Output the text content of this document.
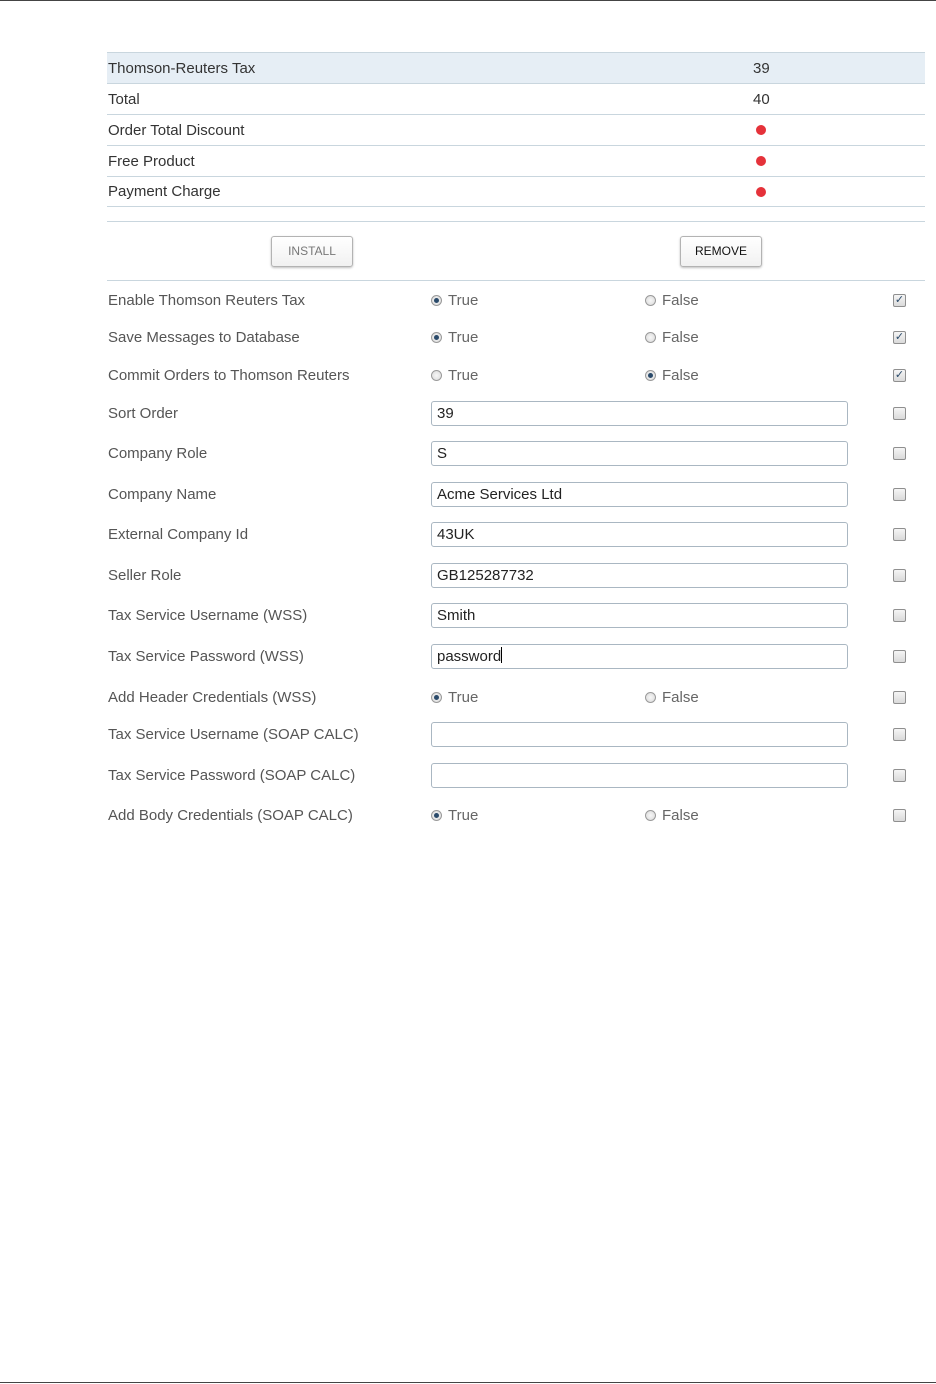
Thomson-Reuters Tax	39
Total	40
Order Total Discount
Free Product
Payment Charge
INSTALL	REMOVE
Enable Thomson Reuters Tax	True	False	✓
Save Messages to Database	True	False	✓
Commit Orders to Thomson Reuters	True	False	✓
Sort Order	39
Company Role	S
Company Name	Acme Services Ltd
External Company Id	43UK
Seller Role	GB125287732
Tax Service Username (WSS)	Smith
Tax Service Password (WSS)	password
Add Header Credentials (WSS)	True	False
Tax Service Username (SOAP CALC)
Tax Service Password (SOAP CALC)
Add Body Credentials (SOAP CALC)	True	False
